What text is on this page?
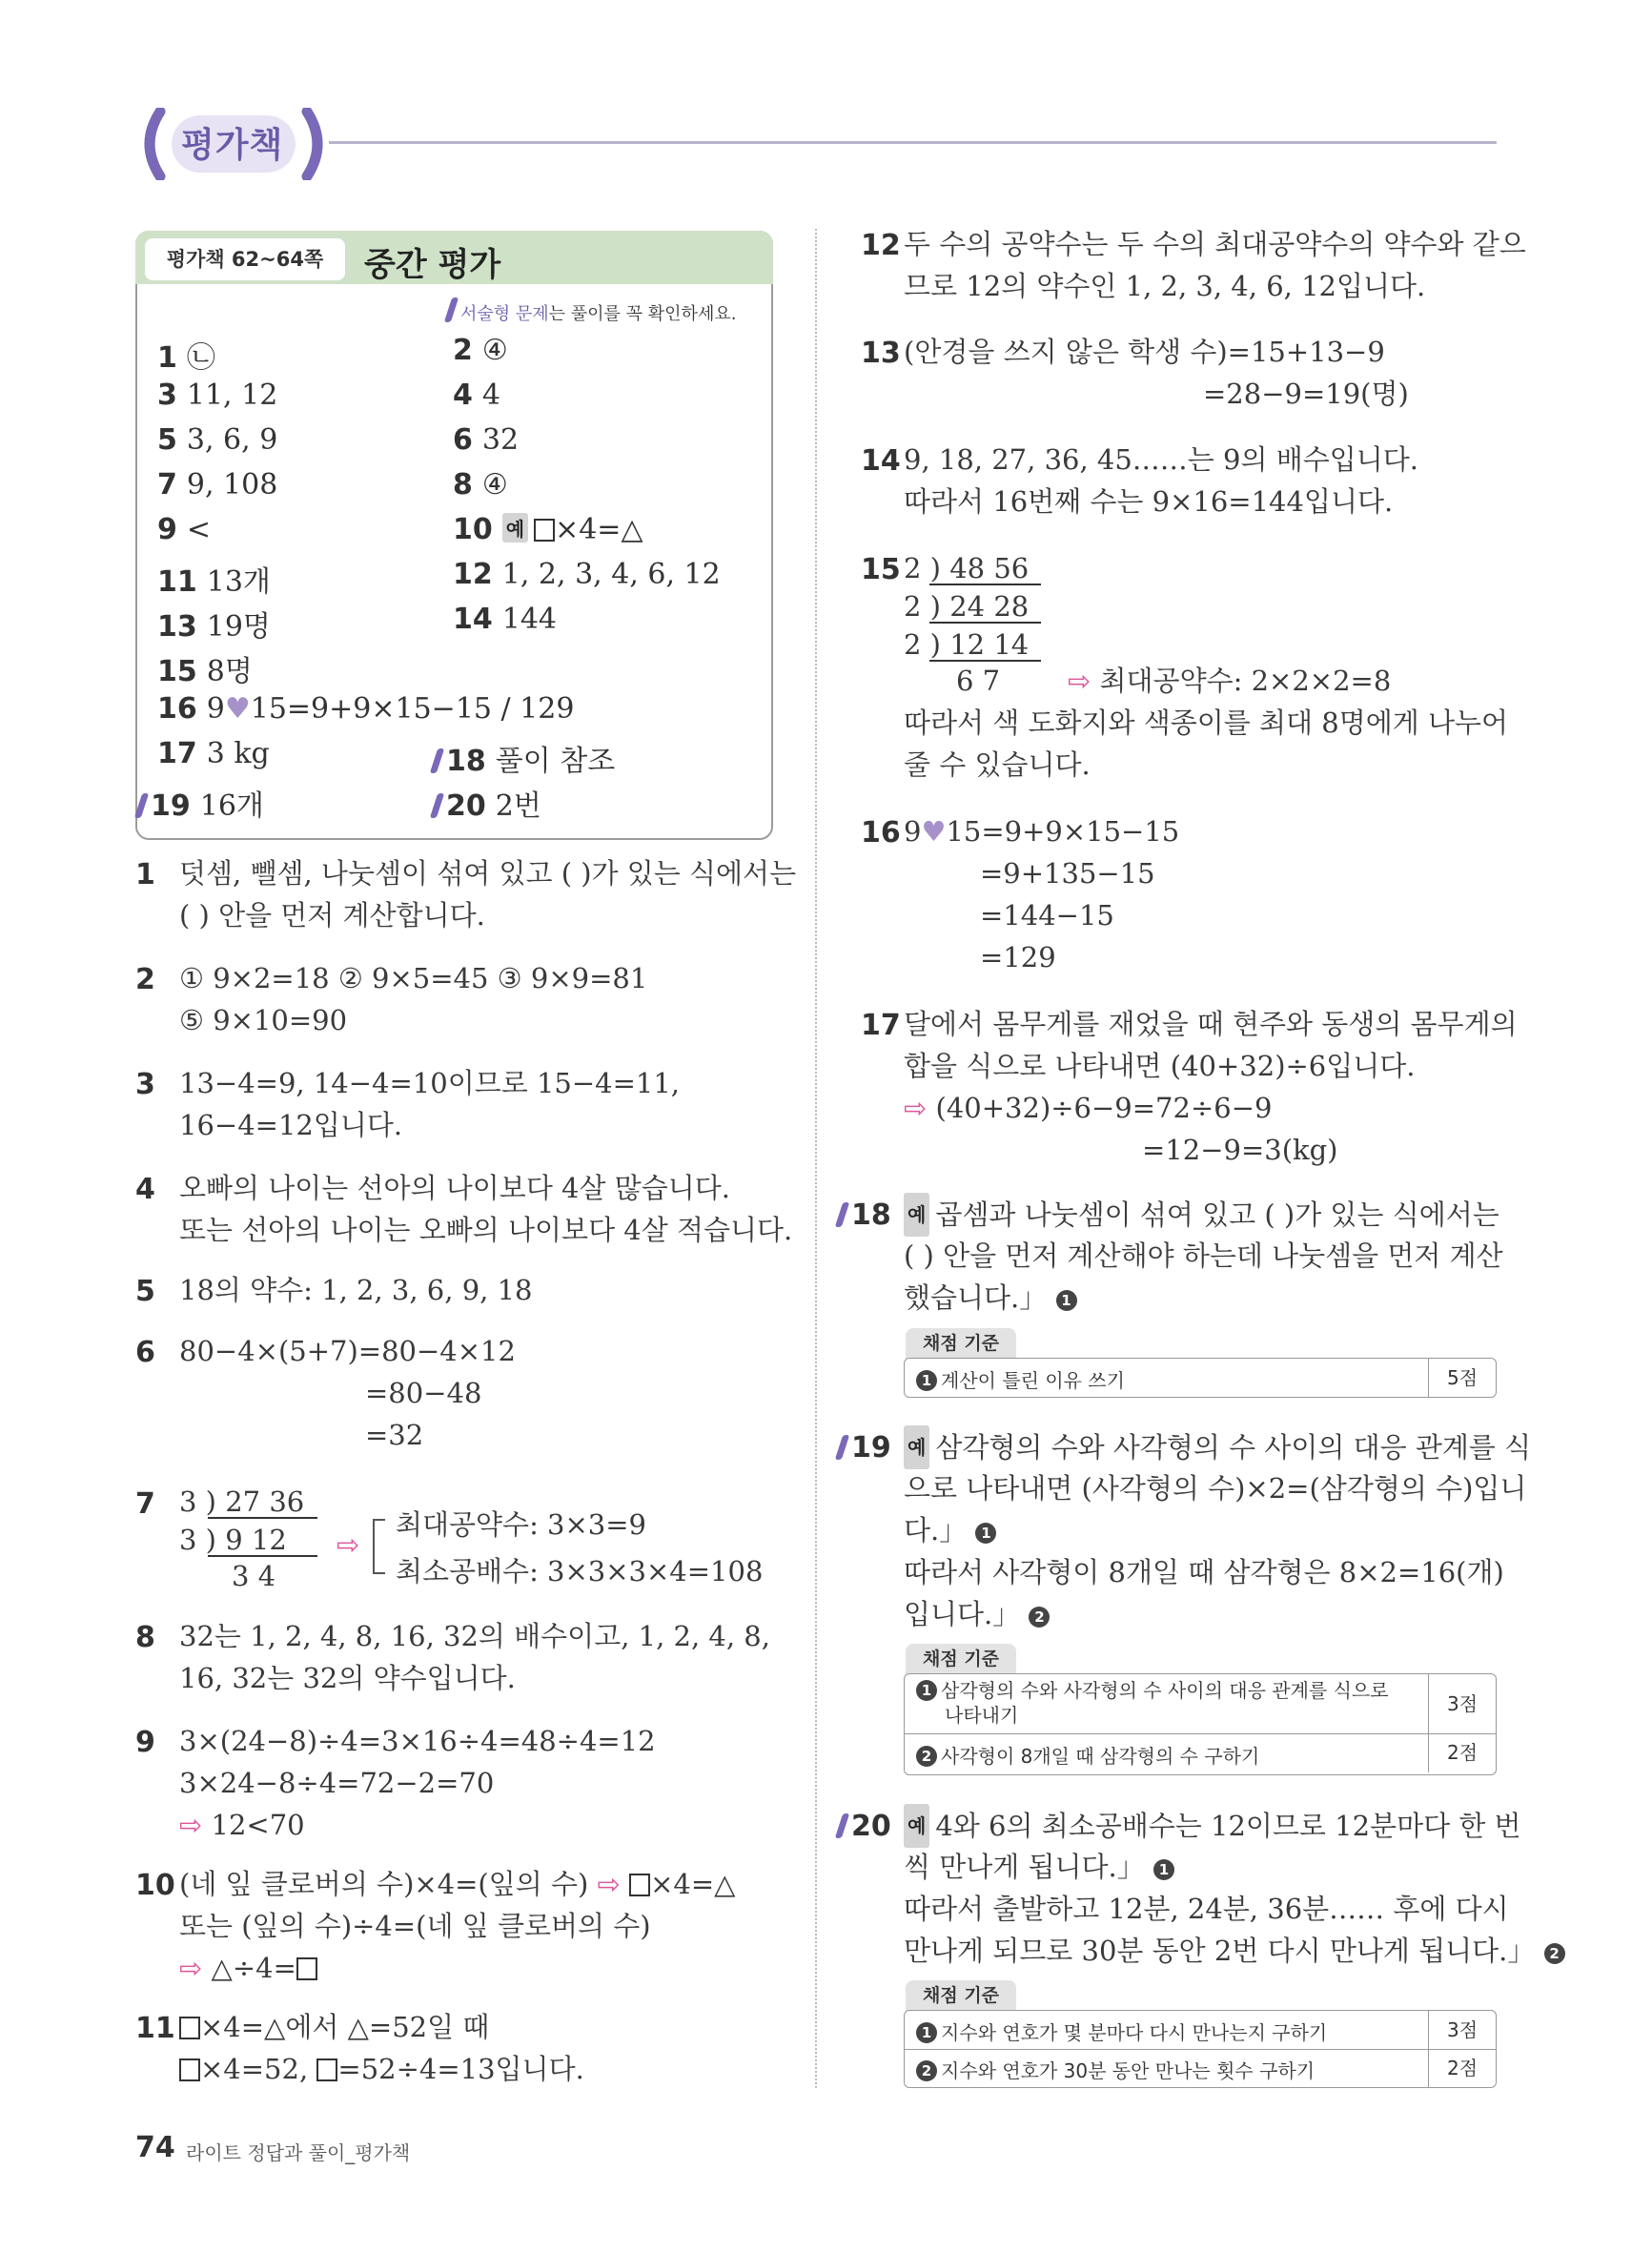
평가책
평가책 62~64쪽	중간 평가
서술형 문제는 풀이를 꼭 확인하세요.
1 ㉡	2 ④
3 11, 12	4 4
5 3, 6, 9	6 32
7 9, 108	8 ④
9 <	10 예 ×4=△
11 13개	12 1, 2, 3, 4, 6, 12
13 19명	14 144
15 8명
16 9♥15=9+9×15−15 / 129
17 3 kg	18 풀이 참조
19 16개	20 2번
1 덧셈, 뺄셈, 나눗셈이 섞여 있고 ( )가 있는 식에서는
( ) 안을 먼저 계산합니다.
2 ① 9×2=18 ② 9×5=45 ③ 9×9=81
⑤ 9×10=90
3 13−4=9, 14−4=10이므로 15−4=11,
16−4=12입니다.
4 오빠의 나이는 선아의 나이보다 4살 많습니다.
또는 선아의 나이는 오빠의 나이보다 4살 적습니다.
5 18의 약수: 1, 2, 3, 6, 9, 18
6 80−4×(5+7)=80−4×12
=80−48
=32
7 3 ) 27 36
3 ) 9 12
3 4
⇨
최대공약수: 3×3=9
최소공배수: 3×3×3×4=108
8 32는 1, 2, 4, 8, 16, 32의 배수이고, 1, 2, 4, 8,
16, 32는 32의 약수입니다.
9 3×(24−8)÷4=3×16÷4=48÷4=12
3×24−8÷4=72−2=70
⇨ 12<70
10 (네 잎 클로버의 수)×4=(잎의 수) ⇨ ×4=△
또는 (잎의 수)÷4=(네 잎 클로버의 수)
⇨ △÷4=
11 ×4=△에서 △=52일 때
×4=52, =52÷4=13입니다.
12 두 수의 공약수는 두 수의 최대공약수의 약수와 같으
므로 12의 약수인 1, 2, 3, 4, 6, 12입니다.
13 (안경을 쓰지 않은 학생 수)=15+13−9
=28−9=19(명)
14 9, 18, 27, 36, 45……는 9의 배수입니다.
따라서 16번째 수는 9×16=144입니다.
15 2 ) 48 56
2 ) 24 28
2 ) 12 14
6 7 ⇨ 최대공약수: 2×2×2=8
따라서 색 도화지와 색종이를 최대 8명에게 나누어
줄 수 있습니다.
16 9♥15=9+9×15−15
=9+135−15
=144−15
=129
17 달에서 몸무게를 재었을 때 현주와 동생의 몸무게의
합을 식으로 나타내면 (40+32)÷6입니다.
⇨ (40+32)÷6−9=72÷6−9
=12−9=3(kg)
18 예 곱셈과 나눗셈이 섞여 있고 ( )가 있는 식에서는
( ) 안을 먼저 계산해야 하는데 나눗셈을 먼저 계산
했습니다.」 1
채점 기준
1 계산이 틀린 이유 쓰기	5점
19 예 삼각형의 수와 사각형의 수 사이의 대응 관계를 식
으로 나타내면 (사각형의 수)×2=(삼각형의 수)입니
다.」 1
따라서 사각형이 8개일 때 삼각형은 8×2=16(개)
입니다.」 2
채점 기준
1 삼각형의 수와 사각형의 수 사이의 대응 관계를 식으로
나타내기	3점
2 사각형이 8개일 때 삼각형의 수 구하기	2점
20 예 4와 6의 최소공배수는 12이므로 12분마다 한 번
씩 만나게 됩니다.」 1
따라서 출발하고 12분, 24분, 36분…… 후에 다시
만나게 되므로 30분 동안 2번 다시 만나게 됩니다.」 2
채점 기준
1 지수와 연호가 몇 분마다 다시 만나는지 구하기	3점
2 지수와 연호가 30분 동안 만나는 횟수 구하기	2점
74 라이트 정답과 풀이_평가책
